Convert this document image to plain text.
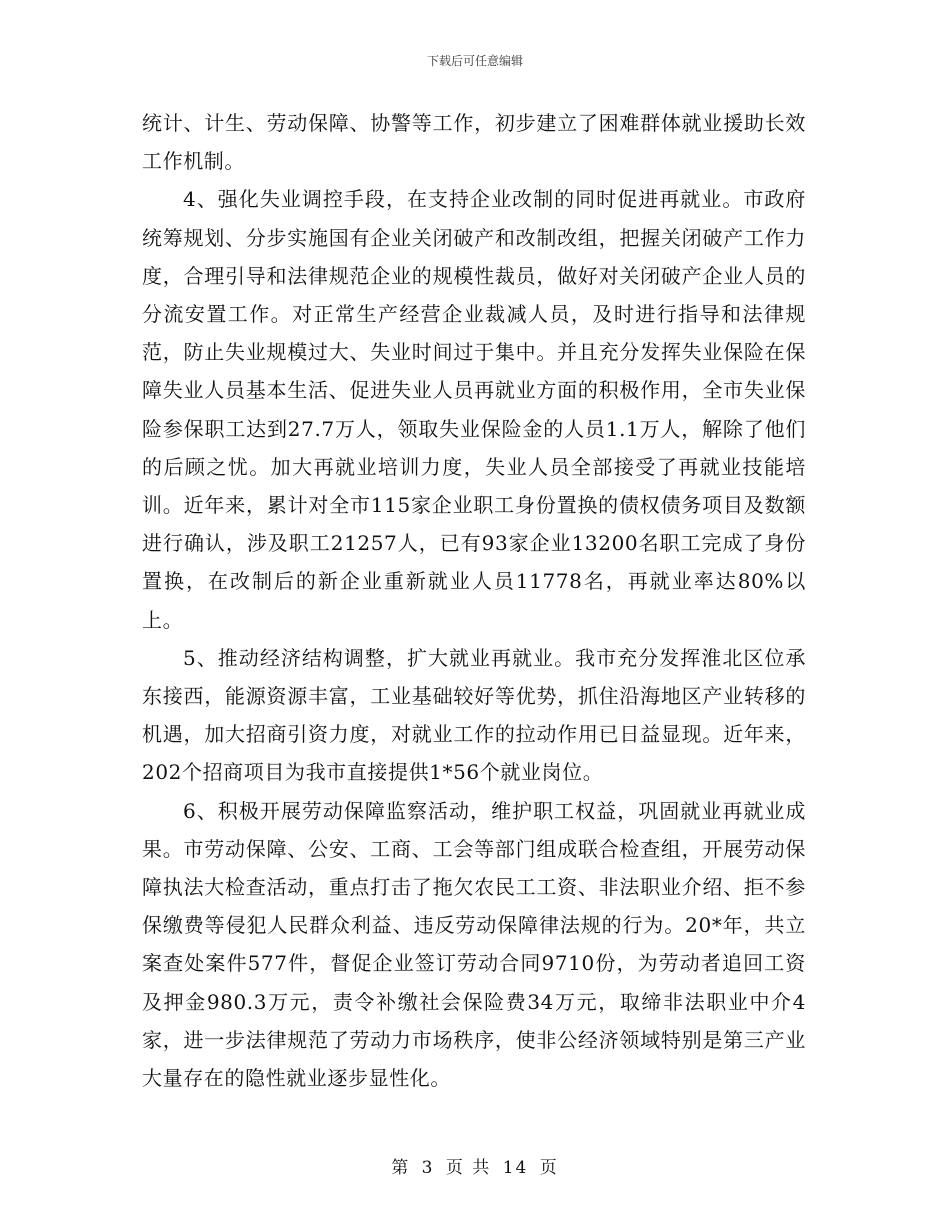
下载后可任意编辑

统计、计生、劳动保障、协警等工作，初步建立了困难群体就业援助长效工作机制。

4、强化失业调控手段，在支持企业改制的同时促进再就业。市政府统筹规划、分步实施国有企业关闭破产和改制改组，把握关闭破产工作力度，合理引导和法律规范企业的规模性裁员，做好对关闭破产企业人员的分流安置工作。对正常生产经营企业裁减人员，及时进行指导和法律规范，防止失业规模过大、失业时间过于集中。并且充分发挥失业保险在保障失业人员基本生活、促进失业人员再就业方面的积极作用，全市失业保险参保职工达到27.7万人，领取失业保险金的人员1.1万人，解除了他们的后顾之忧。加大再就业培训力度，失业人员全部接受了再就业技能培训。近年来，累计对全市115家企业职工身份置换的债权债务项目及数额进行确认，涉及职工21257人，已有93家企业13200名职工完成了身份置换，在改制后的新企业重新就业人员11778名，再就业率达80%以上。

5、推动经济结构调整，扩大就业再就业。我市充分发挥淮北区位承东接西，能源资源丰富，工业基础较好等优势，抓住沿海地区产业转移的机遇，加大招商引资力度，对就业工作的拉动作用已日益显现。近年来，202个招商项目为我市直接提供1*56个就业岗位。

6、积极开展劳动保障监察活动，维护职工权益，巩固就业再就业成果。市劳动保障、公安、工商、工会等部门组成联合检查组，开展劳动保障执法大检查活动，重点打击了拖欠农民工工资、非法职业介绍、拒不参保缴费等侵犯人民群众利益、违反劳动保障律法规的行为。20*年，共立案查处案件577件，督促企业签订劳动合同9710份，为劳动者追回工资及押金980.3万元，责令补缴社会保险费34万元，取缔非法职业中介4家，进一步法律规范了劳动力市场秩序，使非公经济领域特别是第三产业大量存在的隐性就业逐步显性化。

第 3 页 共 14 页
